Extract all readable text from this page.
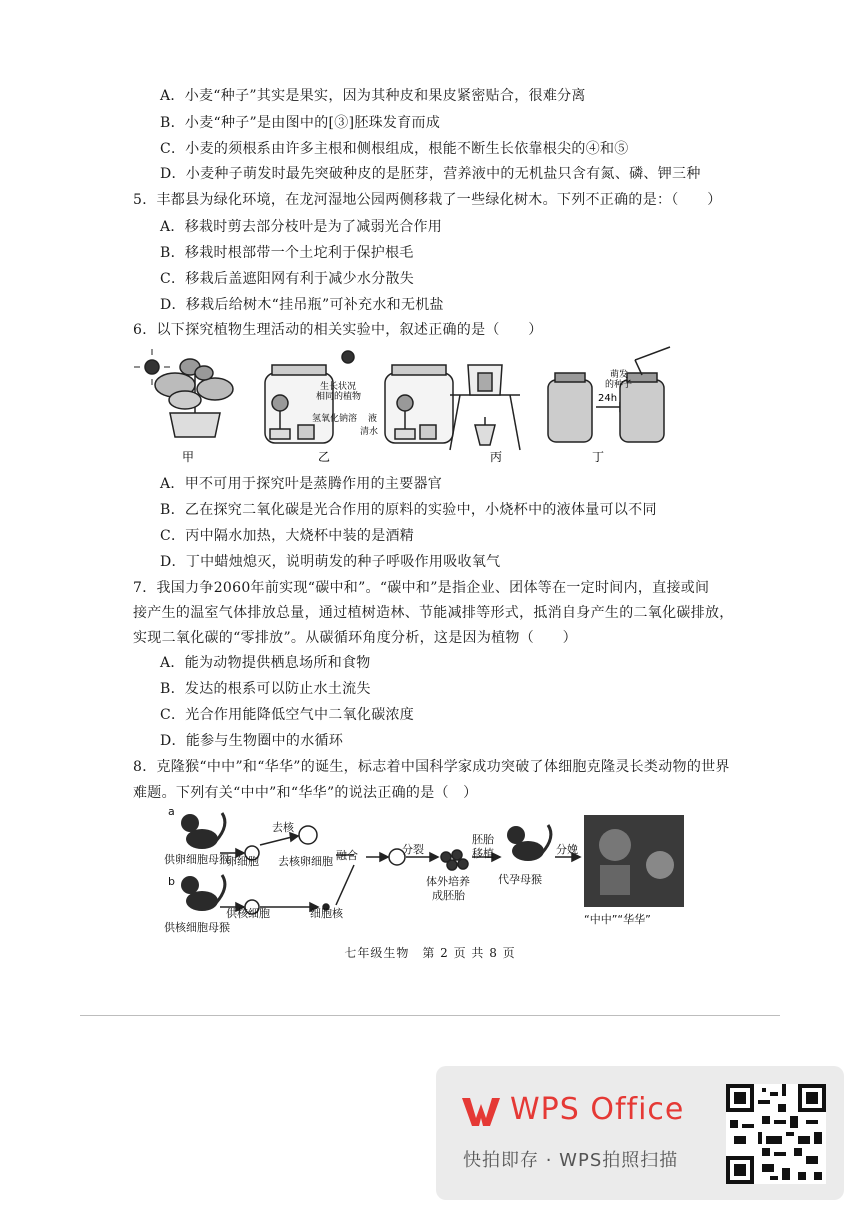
A．小麦“种子”其实是果实，因为其种皮和果皮紧密贴合，很难分离
B．小麦“种子”是由图中的[③]胚珠发育而成
C．小麦的须根系由许多主根和侧根组成，根能不断生长依靠根尖的④和⑤
D．小麦种子萌发时最先突破种皮的是胚芽，营养液中的无机盐只含有氮、磷、钾三种
5．丰都县为绿化环境，在龙河湿地公园两侧移栽了一些绿化树木。下列不正确的是：（　　）
A．移栽时剪去部分枝叶是为了减弱光合作用
B．移栽时根部带一个土坨利于保护根毛
C．移栽后盖遮阳网有利于减少水分散失
D．移栽后给树木“挂吊瓶”可补充水和无机盐
6．以下探究植物生理活动的相关实验中，叙述正确的是（　　）
生长状况
相同的植物
氢氧化钠溶 液
清水
萌发
的种子
24h
甲	乙	丙	丁
A．甲不可用于探究叶是蒸腾作用的主要器官
B．乙在探究二氧化碳是光合作用的原料的实验中，小烧杯中的液体量可以不同
C．丙中隔水加热，大烧杯中装的是酒精
D．丁中蜡烛熄灭，说明萌发的种子呼吸作用吸收氧气
7．我国力争2060年前实现“碳中和”。“碳中和”是指企业、团体等在一定时间内，直接或间
接产生的温室气体排放总量，通过植树造林、节能减排等形式，抵消自身产生的二氧化碳排放，
实现二氧化碳的“零排放”。从碳循环角度分析，这是因为植物（　　）
A．能为动物提供栖息场所和食物
B．发达的根系可以防止水土流失
C．光合作用能降低空气中二氧化碳浓度
D．能参与生物圈中的水循环
8．克隆猴“中中”和“华华”的诞生，标志着中国科学家成功突破了体细胞克隆灵长类动物的世界
难题。下列有关“中中”和“华华”的说法正确的是（　）
a
b
供卵细胞母猴
卵细胞
去核
去核卵细胞 融合	分裂
胚胎
移植
体外培养
成胚胎
代孕母猴
分娩
供核细胞母猴
供核细胞	细胞核	“中中”“华华”
七年级生物　第 2 页 共 8 页
WPS Office
快拍即存 · WPS拍照扫描
